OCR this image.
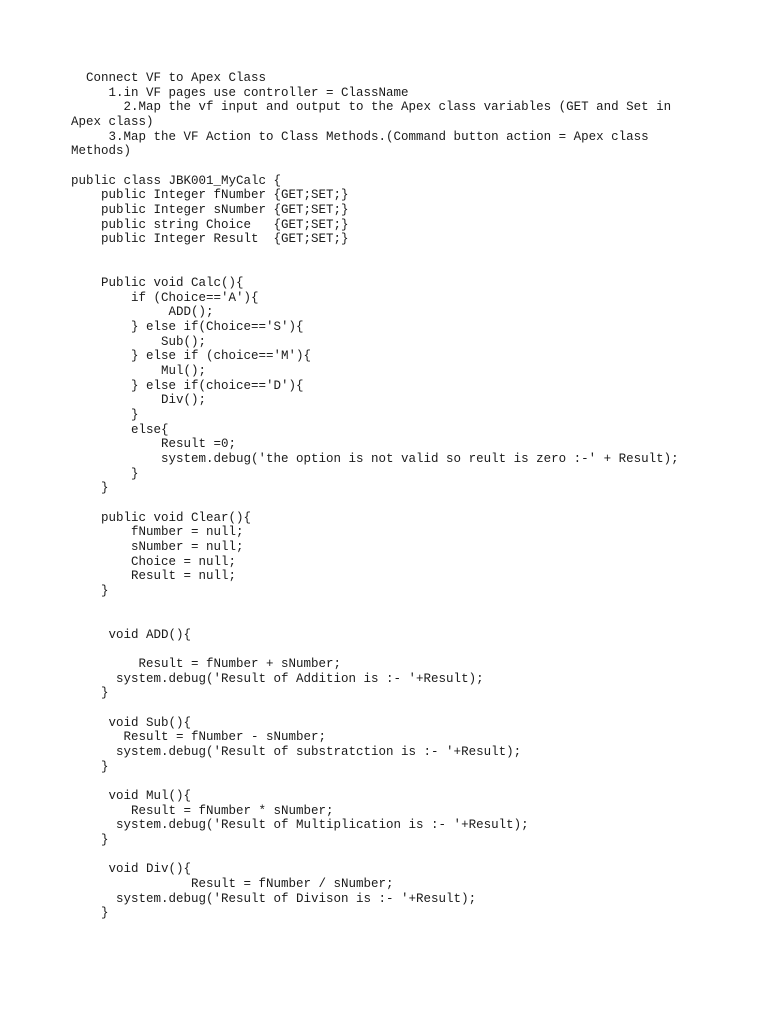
Connect VF to Apex Class
1.in VF pages use controller = ClassName
2.Map the vf input and output to the Apex class variables (GET and Set in
Apex class)
3.Map the VF Action to Class Methods.(Command button action = Apex class
Methods)
public class JBK001_MyCalc {
public Integer fNumber {GET;SET;}
public Integer sNumber {GET;SET;}
public string Choice   {GET;SET;}
public Integer Result  {GET;SET;}
Public void Calc(){
if (Choice=='A'){
ADD();
} else if(Choice=='S'){
Sub();
} else if (choice=='M'){
Mul();
} else if(choice=='D'){
Div();
}
else{
Result =0;
system.debug('the option is not valid so reult is zero :-' + Result);
}
}
public void Clear(){
fNumber = null;
sNumber = null;
Choice = null;
Result = null;
}
void ADD(){
Result = fNumber + sNumber;
system.debug('Result of Addition is :- '+Result);
}
void Sub(){
Result = fNumber - sNumber;
system.debug('Result of substratction is :- '+Result);
}
void Mul(){
Result = fNumber * sNumber;
system.debug('Result of Multiplication is :- '+Result);
}
void Div(){
Result = fNumber / sNumber;
system.debug('Result of Divison is :- '+Result);
}
